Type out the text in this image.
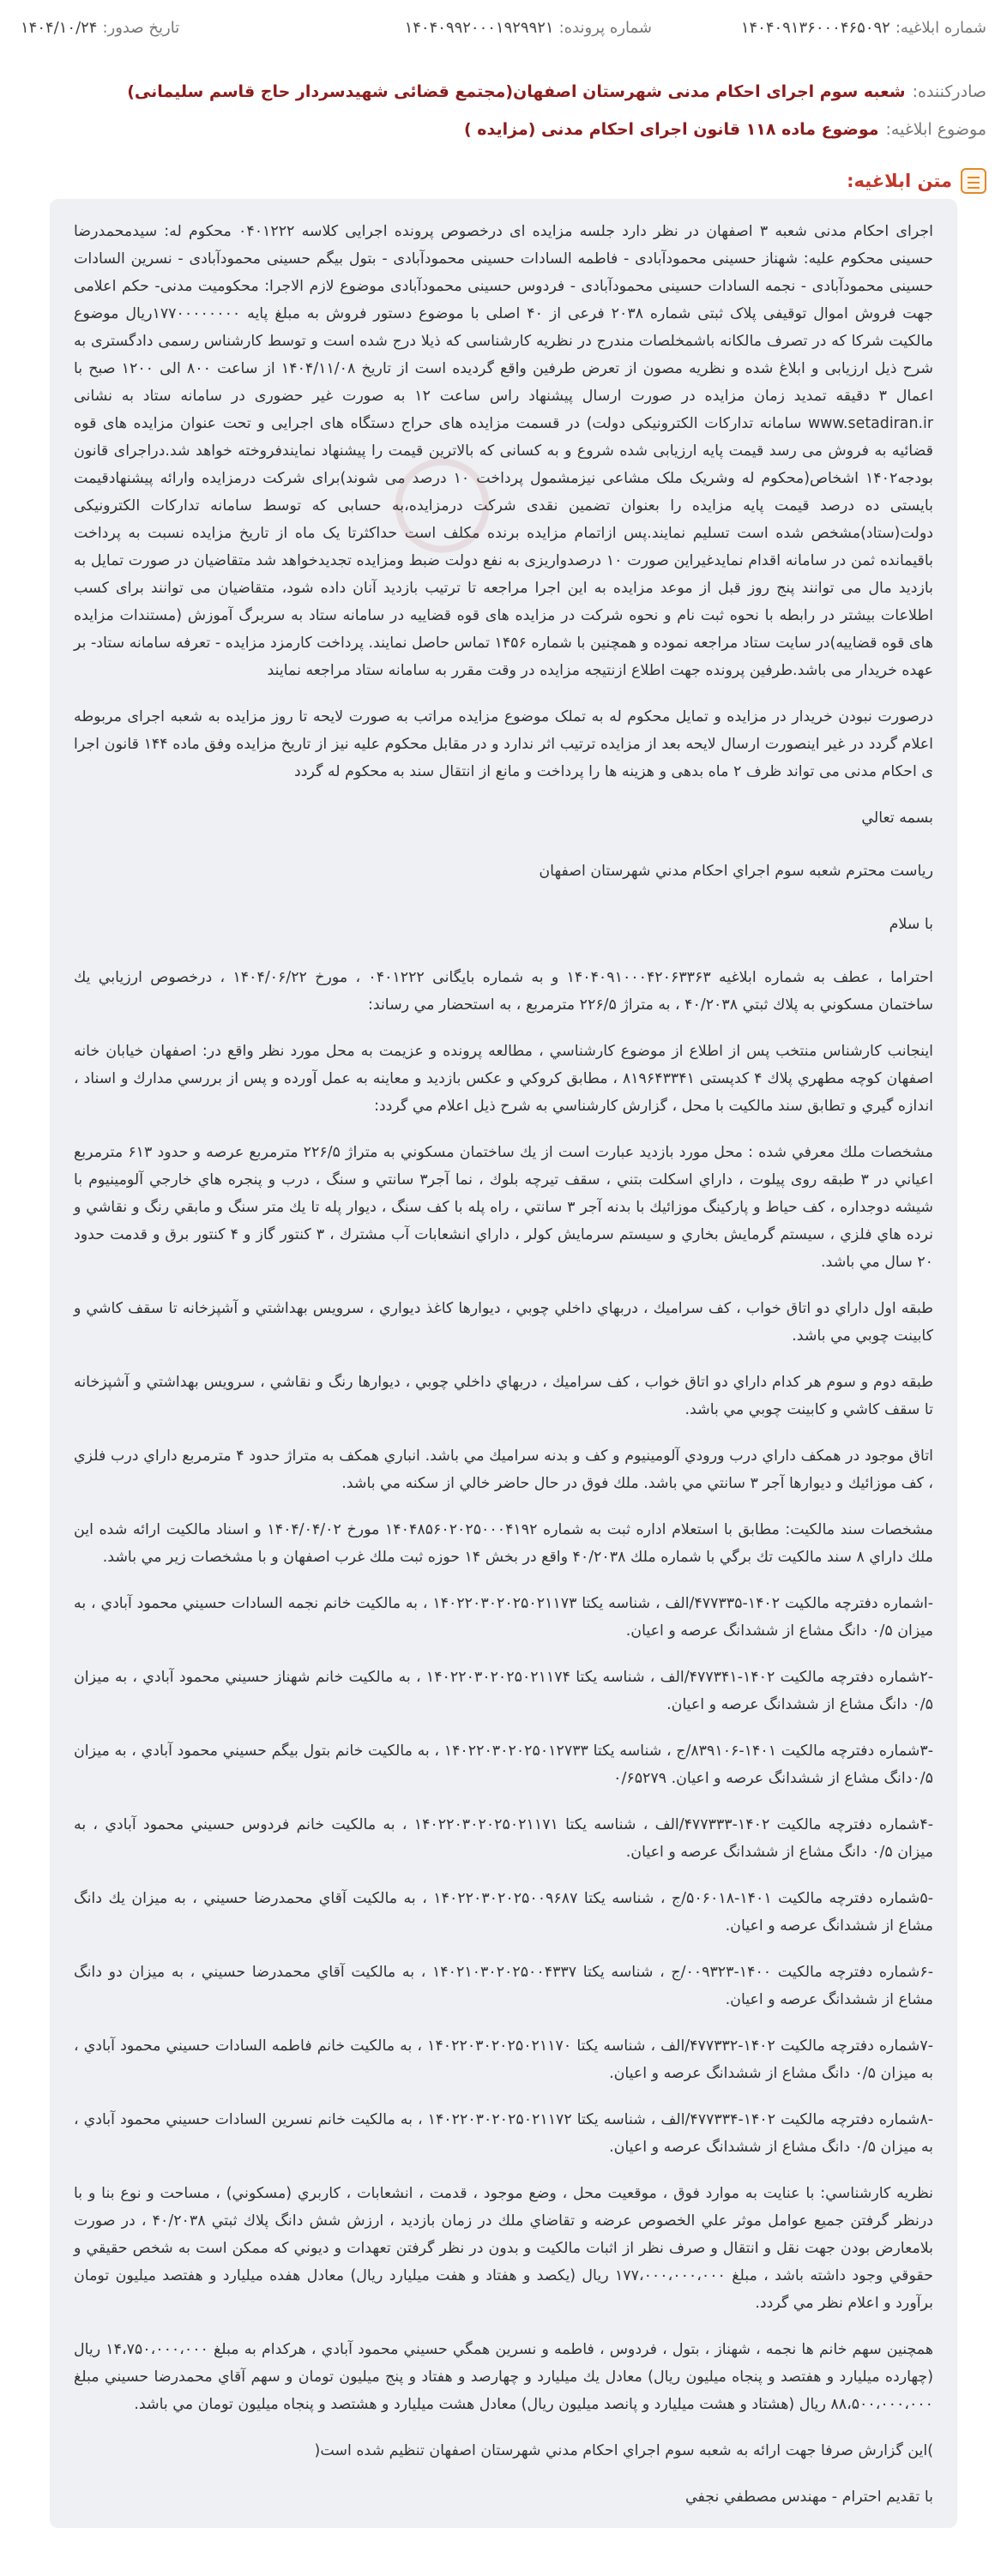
شماره ابلاغیه:
۱۴۰۴۰۹۱۳۶۰۰۰۴۶۵۰۹۲
شماره پرونده:
۱۴۰۴۰۹۹۲۰۰۰۱۹۲۹۹۲۱
تاریخ صدور:
۱۴۰۴/۱۰/۲۴
صادرکننده:
شعبه سوم اجرای احکام مدنی شهرستان اصفهان(مجتمع قضائی شهیدسردار حاج قاسم سلیمانی)
موضوع ابلاغیه:
موضوع ماده ۱۱۸ قانون اجرای احکام مدنی (مزایده )
متن ابلاغیه:

اجرای احکام مدنی شعبه ۳ اصفهان در نظر دارد جلسه مزایده ای درخصوص پرونده اجرایی کلاسه ۰۴۰۱۲۲۲ محکوم له: سیدمحمدرضا حسینی محکوم علیه: شهناز حسینی محمودآبادی - فاطمه السادات حسینی محمودآبادی - بتول بیگم حسینی محمودآبادی - نسرین السادات حسینی محمودآبادی - نجمه السادات حسینی محمودآبادی - فردوس حسینی محمودآبادی موضوع لازم الاجرا: محکومیت مدنی- حکم اعلامی جهت فروش اموال توقیفی پلاک ثبتی شماره ۲۰۳۸ فرعی از ۴۰ اصلی با موضوع دستور فروش به مبلغ پایه ۱۷۷۰۰۰۰۰۰۰۰ریال موضوع مالکیت شرکا که در تصرف مالکانه باشمخلصات مندرج در نظریه کارشناسی که ذیلا درج شده است و توسط کارشناس رسمی دادگستری به شرح ذیل ارزیابی و ابلاغ شده و نظریه مصون از تعرض طرفین واقع گردیده است از تاریخ ۱۴۰۴/۱۱/۰۸ از ساعت ۸۰۰ الی ۱۲۰۰ صبح با اعمال ۳ دقیقه تمدید زمان مزایده در صورت ارسال پیشنهاد راس ساعت ۱۲ به صورت غیر حضوری در سامانه ستاد به نشانی www.setadiran.ir سامانه تدارکات الکترونیکی دولت) در قسمت مزایده های حراج دستگاه های اجرایی و تحت عنوان مزایده های قوه قضائیه به فروش می رسد قیمت پایه ارزیابی شده شروع و به کسانی که بالاترین قیمت را پیشنهاد نمایندفروخته خواهد شد.دراجرای قانون بودجه۱۴۰۲ اشخاص(محکوم له وشریک ملک مشاعی نیزمشمول پرداخت ۱۰ درصد می شوند)برای شرکت درمزایده وارائه پیشنهادقیمت بایستی ده درصد قیمت پایه مزایده را بعنوان تضمین نقدی شرکت درمزایده،به حسابی که توسط سامانه تدارکات الکترونیکی دولت(ستاد)مشخص شده است تسلیم نمایند.پس ازاتمام مزایده برنده مکلف است حداکثرتا یک ماه از تاریخ مزایده نسبت به پرداخت باقیمانده ثمن در سامانه اقدام نمایدغیراین صورت ۱۰ درصدواریزی به نفع دولت ضبط ومزایده تجدیدخواهد شد متقاضیان در صورت تمایل به بازدید مال می توانند پنج روز قبل از موعد مزایده به این اجرا مراجعه تا ترتیب بازدید آنان داده شود، متقاضیان می توانند برای کسب اطلاعات بیشتر در رابطه با نحوه ثبت نام و نحوه شرکت در مزایده های قوه قضاییه در سامانه ستاد به سربرگ آموزش (مستندات مزایده های قوه قضاییه)در سایت ستاد مراجعه نموده و همچنین با شماره ۱۴۵۶ تماس حاصل نمایند. پرداخت کارمزد مزایده - تعرفه سامانه ستاد- بر عهده خریدار می باشد.طرفین پرونده جهت اطلاع ازنتیجه مزایده در وقت مقرر به سامانه ستاد مراجعه نمایند

درصورت نبودن خریدار در مزایده و تمایل محکوم له به تملک موضوع مزایده مراتب به صورت لایحه تا روز مزایده به شعبه اجرای مربوطه اعلام گردد در غیر اینصورت ارسال لایحه بعد از مزایده ترتیب اثر ندارد و در مقابل محکوم علیه نیز از تاریخ مزایده وفق ماده ۱۴۴ قانون اجرا ی احکام مدنی می تواند ظرف ۲ ماه بدهی و هزینه ها را پرداخت و مانع از انتقال سند به محکوم له گردد

بسمه تعالي

رياست محترم شعبه سوم اجراي احكام مدني شهرستان اصفهان

با سلام

احتراما ، عطف به شماره ابلاغیه ۱۴۰۴۰۹۱۰۰۰۴۲۰۶۳۳۶۳ و به شماره بایگانی ۰۴۰۱۲۲۲ ، مورخ ۱۴۰۴/۰۶/۲۲ ، درخصوص ارزيابي يك ساختمان مسکوني به پلاك ثبتي ۴۰/۲۰۳۸ ، به متراژ ۲۲۶/۵ مترمربع ، به استحضار مي رساند:

اينجانب كارشناس منتخب پس از اطلاع از موضوع كارشناسي ، مطالعه پرونده و عزيمت به محل مورد نظر واقع در: اصفهان خیابان خانه اصفهان کوچه مطهري پلاك ۴ کدپستی ۸۱۹۶۴۳۳۴۱ ، مطابق کروکي و عکس بازديد و معاينه به عمل آورده و پس از بررسي مدارك و اسناد ، اندازه گيري و تطابق سند مالكيت با محل ، گزارش كارشناسي به شرح ذيل اعلام مي گردد:

مشخصات ملك معرفي شده : محل مورد بازديد عبارت است از يك ساختمان مسكوني به متراژ ۲۲۶/۵ مترمربع عرصه و حدود ۶۱۳ مترمربع اعياني در ۳ طبقه روی پیلوت ، داراي اسكلت بتني ، سقف تيرچه بلوك ، نما آجر۳ سانتي و سنگ ، درب و پنجره هاي خارجي آلومينيوم با شيشه دوجداره ، کف حیاط و پارکینگ موزائيك با بدنه آجر ۳ سانتي ، راه پله با کف سنگ ، ديوار پله تا يك متر سنگ و مابقي رنگ و نقاشي و نرده هاي فلزي ، سيستم گرمايش بخاري و سيستم سرمايش كولر ، داراي انشعابات آب مشترك ، ۳ كنتور گاز و ۴ كنتور برق و قدمت حدود ۲۰ سال مي باشد.

طبقه اول داراي دو اتاق خواب ، کف سراميك ، دربهاي داخلي چوبي ، ديوارها كاغذ ديواري ، سرويس بهداشتي و آشپزخانه تا سقف کاشي و كابينت چوبي مي باشد.

طبقه دوم و سوم هر كدام داراي دو اتاق خواب ، كف سراميك ، دربهاي داخلي چوبي ، ديوارها رنگ و نقاشي ، سرويس بهداشتي و آشپزخانه تا سقف کاشي و كابينت چوبي مي باشد.

اتاق موجود در همکف داراي درب ورودي آلومينيوم و کف و بدنه سراميك مي باشد. انباري همکف به متراژ حدود ۴ مترمربع داراي درب فلزي ، کف موزائيك و ديوارها آجر ۳ سانتي مي باشد. ملك فوق در حال حاضر خالي از سكنه مي باشد.

مشخصات سند مالكيت: مطابق با استعلام اداره ثبت به شماره ۱۴۰۴۸۵۶۰۲۰۲۵۰۰۰۴۱۹۲ مورخ ۱۴۰۴/۰۴/۰۲ و اسناد مالكيت ارائه شده اين ملك داراي ۸ سند مالكيت تك برگي با شماره ملك ۴۰/۲۰۳۸ واقع در بخش ۱۴ حوزه ثبت ملك غرب اصفهان و با مشخصات زير مي باشد.

-اشماره دفترچه مالکیت ۱۴۰۲-۴۷۷۳۳۵/الف ، شناسه یکتا ۱۴۰۲۲۰۳۰۲۰۲۵۰۲۱۱۷۳ ، به مالکیت خانم نجمه السادات حسيني محمود آبادي ، به ميزان ۰/۵ دانگ مشاع از ششدانگ عرصه و اعيان.

-۲شماره دفترچه مالکیت ۱۴۰۲-۴۷۷۳۴۱/الف ، شناسه یکتا ۱۴۰۲۲۰۳۰۲۰۲۵۰۲۱۱۷۴ ، به مالکیت خانم شهناز حسيني محمود آبادي ، به ميزان ۰/۵ دانگ مشاع از ششدانگ عرصه و اعيان.

-۳شماره دفترچه مالکیت ۱۴۰۱-۸۳۹۱۰۶/ج ، شناسه یکتا ۱۴۰۲۲۰۳۰۲۰۲۵۰۱۲۷۳۳ ، به مالکیت خانم بتول بيگم حسيني محمود آبادي ، به ميزان ۰/۵دانگ مشاع از ششدانگ عرصه و اعيان. ۰/۶۵۲۷۹

-۴شماره دفترچه مالکیت ۱۴۰۲-۴۷۷۳۳۳/الف ، شناسه یکتا ۱۴۰۲۲۰۳۰۲۰۲۵۰۲۱۱۷۱ ، به مالکیت خانم فردوس حسيني محمود آبادي ، به ميزان ۰/۵ دانگ مشاع از ششدانگ عرصه و اعيان.

-۵شماره دفترچه مالکیت ۱۴۰۱-۵۰۶۰۱۸/ج ، شناسه یکتا ۱۴۰۲۲۰۳۰۲۰۲۵۰۰۹۶۸۷ ، به مالکیت آقاي محمدرضا حسيني ، به ميزان يك دانگ مشاع از ششدانگ عرصه و اعيان.

-۶شماره دفترچه مالکیت ۱۴۰۰-۰۰۹۳۲۳/ج ، شناسه یکتا ۱۴۰۲۱۰۳۰۲۰۲۵۰۰۴۳۳۷ ، به مالکیت آقاي محمدرضا حسيني ، به ميزان دو دانگ مشاع از ششدانگ عرصه و اعيان.

-۷شماره دفترچه مالکیت ۱۴۰۲-۴۷۷۳۳۲/الف ، شناسه یکتا ۱۴۰۲۲۰۳۰۲۰۲۵۰۲۱۱۷۰ ، به مالکیت خانم فاطمه السادات حسيني محمود آبادي ، به ميزان ۰/۵ دانگ مشاع از ششدانگ عرصه و اعيان.

-۸شماره دفترچه مالکیت ۱۴۰۲-۴۷۷۳۳۴/الف ، شناسه یکتا ۱۴۰۲۲۰۳۰۲۰۲۵۰۲۱۱۷۲ ، به مالکیت خانم نسرين السادات حسيني محمود آبادي ، به ميزان ۰/۵ دانگ مشاع از ششدانگ عرصه و اعيان.

نظريه كارشناسي: با عنايت به موارد فوق ، موقعيت محل ، وضع موجود ، قدمت ، انشعابات ، كاربري (مسكوني) ، مساحت و نوع بنا و با درنظر گرفتن جميع عوامل موثر علي الخصوص عرضه و تقاضاي ملك در زمان بازديد ، ارزش شش دانگ پلاك ثبتي ۴۰/۲۰۳۸ ، در صورت بلامعارض بودن جهت نقل و انتقال و صرف نظر از اثبات مالكيت و بدون در نظر گرفتن تعهدات و ديوني كه ممكن است به شخص حقيقي و حقوقي وجود داشته باشد ، مبلغ ۱۷۷،۰۰۰،۰۰۰،۰۰۰ ريال (يكصد و هفتاد و هفت ميليارد ريال) معادل هفده ميليارد و هفتصد ميليون تومان برآورد و اعلام نظر مي گردد.

همچنين سهم خانم ها نجمه ، شهناز ، بتول ، فردوس ، فاطمه و نسرين همگي حسيني محمود آبادي ، هركدام به مبلغ ۱۴،۷۵۰،۰۰۰،۰۰۰ ريال (چهارده ميليارد و هفتصد و پنجاه ميليون ريال) معادل يك ميليارد و چهارصد و هفتاد و پنج ميليون تومان و سهم آقاي محمدرضا حسيني مبلغ ۸۸،۵۰۰،۰۰۰،۰۰۰ ريال (هشتاد و هشت ميليارد و پانصد ميليون ريال) معادل هشت ميليارد و هشتصد و پنجاه ميليون تومان مي باشد.

)اين گزارش صرفا جهت ارائه به شعبه سوم اجراي احكام مدني شهرستان اصفهان تنظيم شده است(

با تقديم احترام - مهندس مصطفي نجفي
